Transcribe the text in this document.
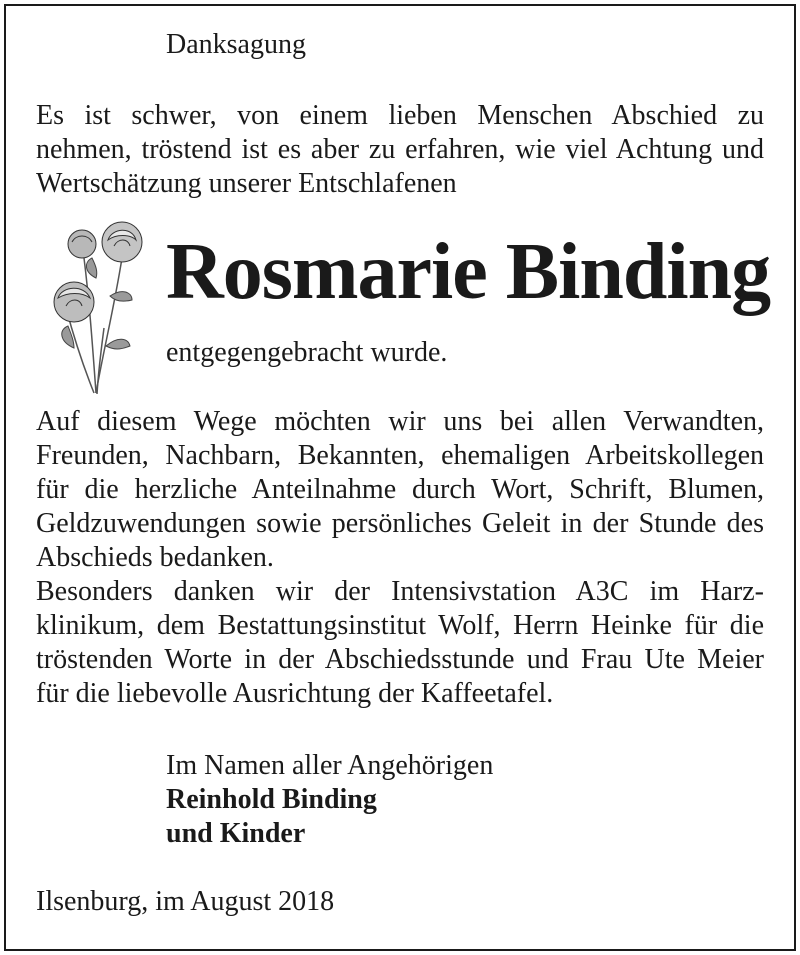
Danksagung
Es ist schwer, von einem lieben Menschen Abschied zu
nehmen, tröstend ist es aber zu erfahren, wie viel Achtung und
Wertschätzung unserer Entschlafenen
Rosmarie Binding
entgegengebracht wurde.
Auf diesem Wege möchten wir uns bei allen Verwandten,
Freunden, Nachbarn, Bekannten, ehemaligen Arbeitskollegen
für die herzliche Anteilnahme durch Wort, Schrift, Blumen,
Geldzuwendungen sowie persönliches Geleit in der Stunde des
Abschieds bedanken.
Besonders danken wir der Intensivstation A3C im Harz-
klinikum, dem Bestattungsinstitut Wolf, Herrn Heinke für die
tröstenden Worte in der Abschiedsstunde und Frau Ute Meier
für die liebevolle Ausrichtung der Kaffeetafel.
Im Namen aller Angehörigen
Reinhold Binding
und Kinder
Ilsenburg, im August 2018
